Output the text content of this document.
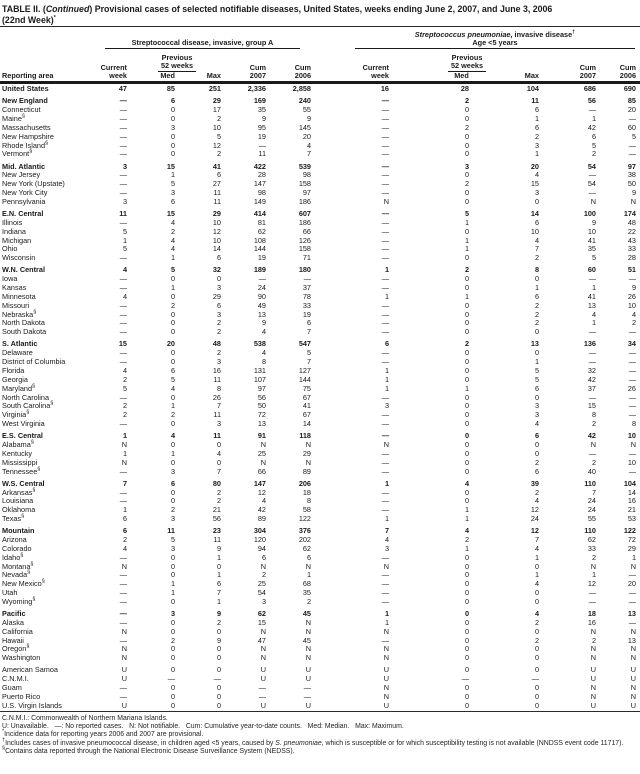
TABLE II. (Continued) Provisional cases of selected notifiable diseases, United States, weeks ending June 2, 2007, and June 3, 2006
(22nd Week)*
Streptococcal disease, invasive, group A
Streptococcus pneumoniae, invasive disease†
Age <5 years
Reporting area
Current
week
Previous
52 weeks
Med	Max
Cum
2007
Cum
2006
Current
week
Previous
52 weeks
Med	Max
Cum
2007
Cum
2006
United States	47	85	251	2,336	2,858	16	28	104	686	690
New England	—	6	29	169	240	—	2	11	56	85
Connecticut	—	0	17	35	55	—	0	6	—	20
Maine§	—	0	2	9	9	—	0	1	1	—
Massachusetts	—	3	10	95	145	—	2	6	42	60
New Hampshire	—	0	5	19	20	—	0	2	6	5
Rhode Island§	—	0	12	—	4	—	0	3	5	—
Vermont§	—	0	2	11	7	—	0	1	2	—
Mid. Atlantic	3	15	41	422	539	—	3	20	54	97
New Jersey	—	1	6	28	98	—	0	4	—	38
New York (Upstate)	—	5	27	147	158	—	2	15	54	50
New York City	—	3	11	98	97	—	0	3	—	9
Pennsylvania	3	6	11	149	186	N	0	0	N	N
E.N. Central	11	15	29	414	607	—	5	14	100	174
Illinois	—	4	10	81	186	—	1	6	9	48
Indiana	5	2	12	62	66	—	0	10	10	22
Michigan	1	4	10	108	126	—	1	4	41	43
Ohio	5	4	14	144	158	—	1	7	35	33
Wisconsin	—	1	6	19	71	—	0	2	5	28
W.N. Central	4	5	32	189	180	1	2	8	60	51
Iowa	—	0	0	—	—	—	0	0	—	—
Kansas	—	1	3	24	37	—	0	1	1	9
Minnesota	4	0	29	90	78	1	1	6	41	26
Missouri	—	2	6	49	33	—	0	2	13	10
Nebraska§	—	0	3	13	19	—	0	2	4	4
North Dakota	—	0	2	9	6	—	0	2	1	2
South Dakota	—	0	2	4	7	—	0	0	—	—
S. Atlantic	15	20	48	538	547	6	2	13	136	34
Delaware	—	0	2	4	5	—	0	0	—	—
District of Columbia	—	0	3	8	7	—	0	1	—	—
Florida	4	6	16	131	127	1	0	5	32	—
Georgia	2	5	11	107	144	1	0	5	42	—
Maryland§	5	4	8	97	75	1	1	6	37	26
North Carolina	—	0	26	56	67	—	0	0	—	—
South Carolina§	2	1	7	50	41	3	0	3	15	—
Virginia§	2	2	11	72	67	—	0	3	8	—
West Virginia	—	0	3	13	14	—	0	4	2	8
E.S. Central	1	4	11	91	118	—	0	6	42	10
Alabama§	N	0	0	N	N	N	0	0	N	N
Kentucky	1	1	4	25	29	—	0	0	—	—
Mississippi	N	0	0	N	N	—	0	2	2	10
Tennessee§	—	3	7	66	89	—	0	6	40	—
W.S. Central	7	6	80	147	206	1	4	39	110	104
Arkansas§	—	0	2	12	18	—	0	2	7	14
Louisiana	—	0	2	4	8	—	0	4	24	16
Oklahoma	1	2	21	42	58	—	1	12	24	21
Texas§	6	3	56	89	122	1	1	24	55	53
Mountain	6	11	23	304	376	7	4	12	110	122
Arizona	2	5	11	120	202	4	2	7	62	72
Colorado	4	3	9	94	62	3	1	4	33	29
Idaho§	—	0	1	6	6	—	0	1	2	1
Montana§	N	0	0	N	N	N	0	0	N	N
Nevada§	—	0	1	2	1	—	0	1	1	—
New Mexico§	—	1	6	25	68	—	0	4	12	20
Utah	—	1	7	54	35	—	0	0	—	—
Wyoming§	—	0	1	3	2	—	0	0	—	—
Pacific	—	3	9	62	45	1	0	4	18	13
Alaska	—	0	2	15	N	1	0	2	16	—
California	N	0	0	N	N	N	0	0	N	N
Hawaii	—	2	9	47	45	—	0	2	2	13
Oregon§	N	0	0	N	N	N	0	0	N	N
Washington	N	0	0	N	N	N	0	0	N	N
American Samoa	U	0	0	U	U	U	0	0	U	U
C.N.M.I.	U	—	—	U	U	U	—	—	U	U
Guam	—	0	0	—	—	N	0	0	N	N
Puerto Rico	—	0	0	—	—	N	0	0	N	N
U.S. Virgin Islands	U	0	0	U	U	U	0	0	U	U
C.N.M.I.: Commonwealth of Northern Mariana Islands.
U: Unavailable.   —: No reported cases.   N: Not notifiable.   Cum: Cumulative year-to-date counts.   Med: Median.   Max: Maximum.
*Incidence data for reporting years 2006 and 2007 are provisional.
†Includes cases of invasive pneumococcal disease, in children aged <5 years, caused by S. pneumoniae, which is susceptible or for which susceptibility testing is not available (NNDSS event code 11717).
§Contains data reported through the National Electronic Disease Surveillance System (NEDSS).
